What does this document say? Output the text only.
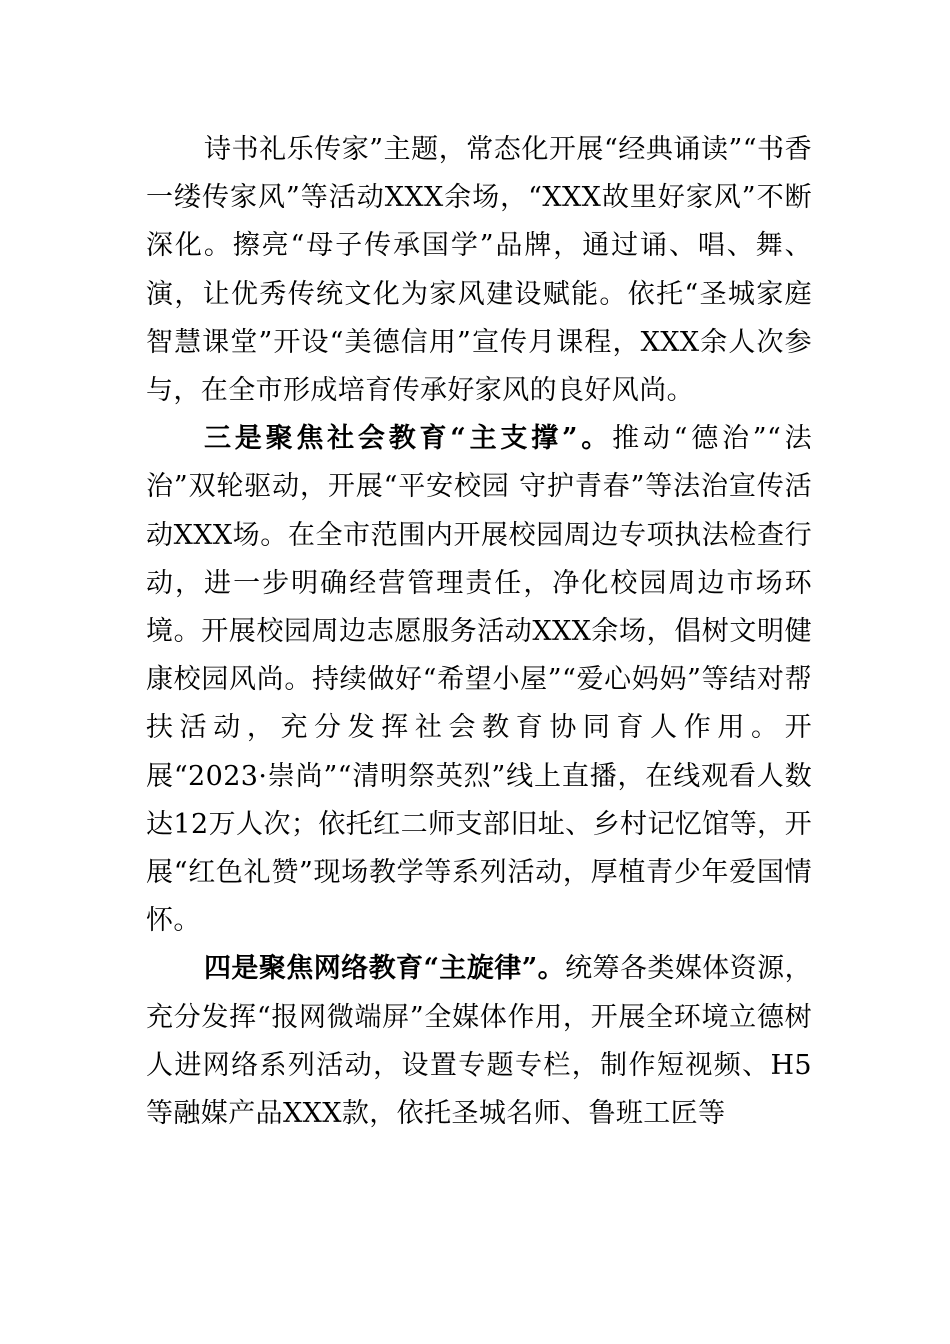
诗书礼乐传家”主题，常态化开展“经典诵读”“书香一缕传家风”等活动XXX余场，“XXX故里好家风”不断深化。擦亮“母子传承国学”品牌，通过诵、唱、舞、演，让优秀传统文化为家风建设赋能。依托“圣城家庭智慧课堂”开设“美德信用”宣传月课程，XXX余人次参与，在全市形成培育传承好家风的良好风尚。

三是聚焦社会教育“主支撑”。推动“德治”“法治”双轮驱动，开展“平安校园 守护青春”等法治宣传活动XXX场。在全市范围内开展校园周边专项执法检查行动，进一步明确经营管理责任，净化校园周边市场环境。开展校园周边志愿服务活动XXX余场，倡树文明健康校园风尚。持续做好“希望小屋”“爱心妈妈”等结对帮扶活动，充分发挥社会教育协同育人作用。开展“2023·崇尚”“清明祭英烈”线上直播，在线观看人数达12万人次；依托红二师支部旧址、乡村记忆馆等，开展“红色礼赞”现场教学等系列活动，厚植青少年爱国情怀。

四是聚焦网络教育“主旋律”。统筹各类媒体资源，充分发挥“报网微端屏”全媒体作用，开展全环境立德树人进网络系列活动，设置专题专栏，制作短视频、H5等融媒产品XXX款，依托圣城名师、鲁班工匠等
